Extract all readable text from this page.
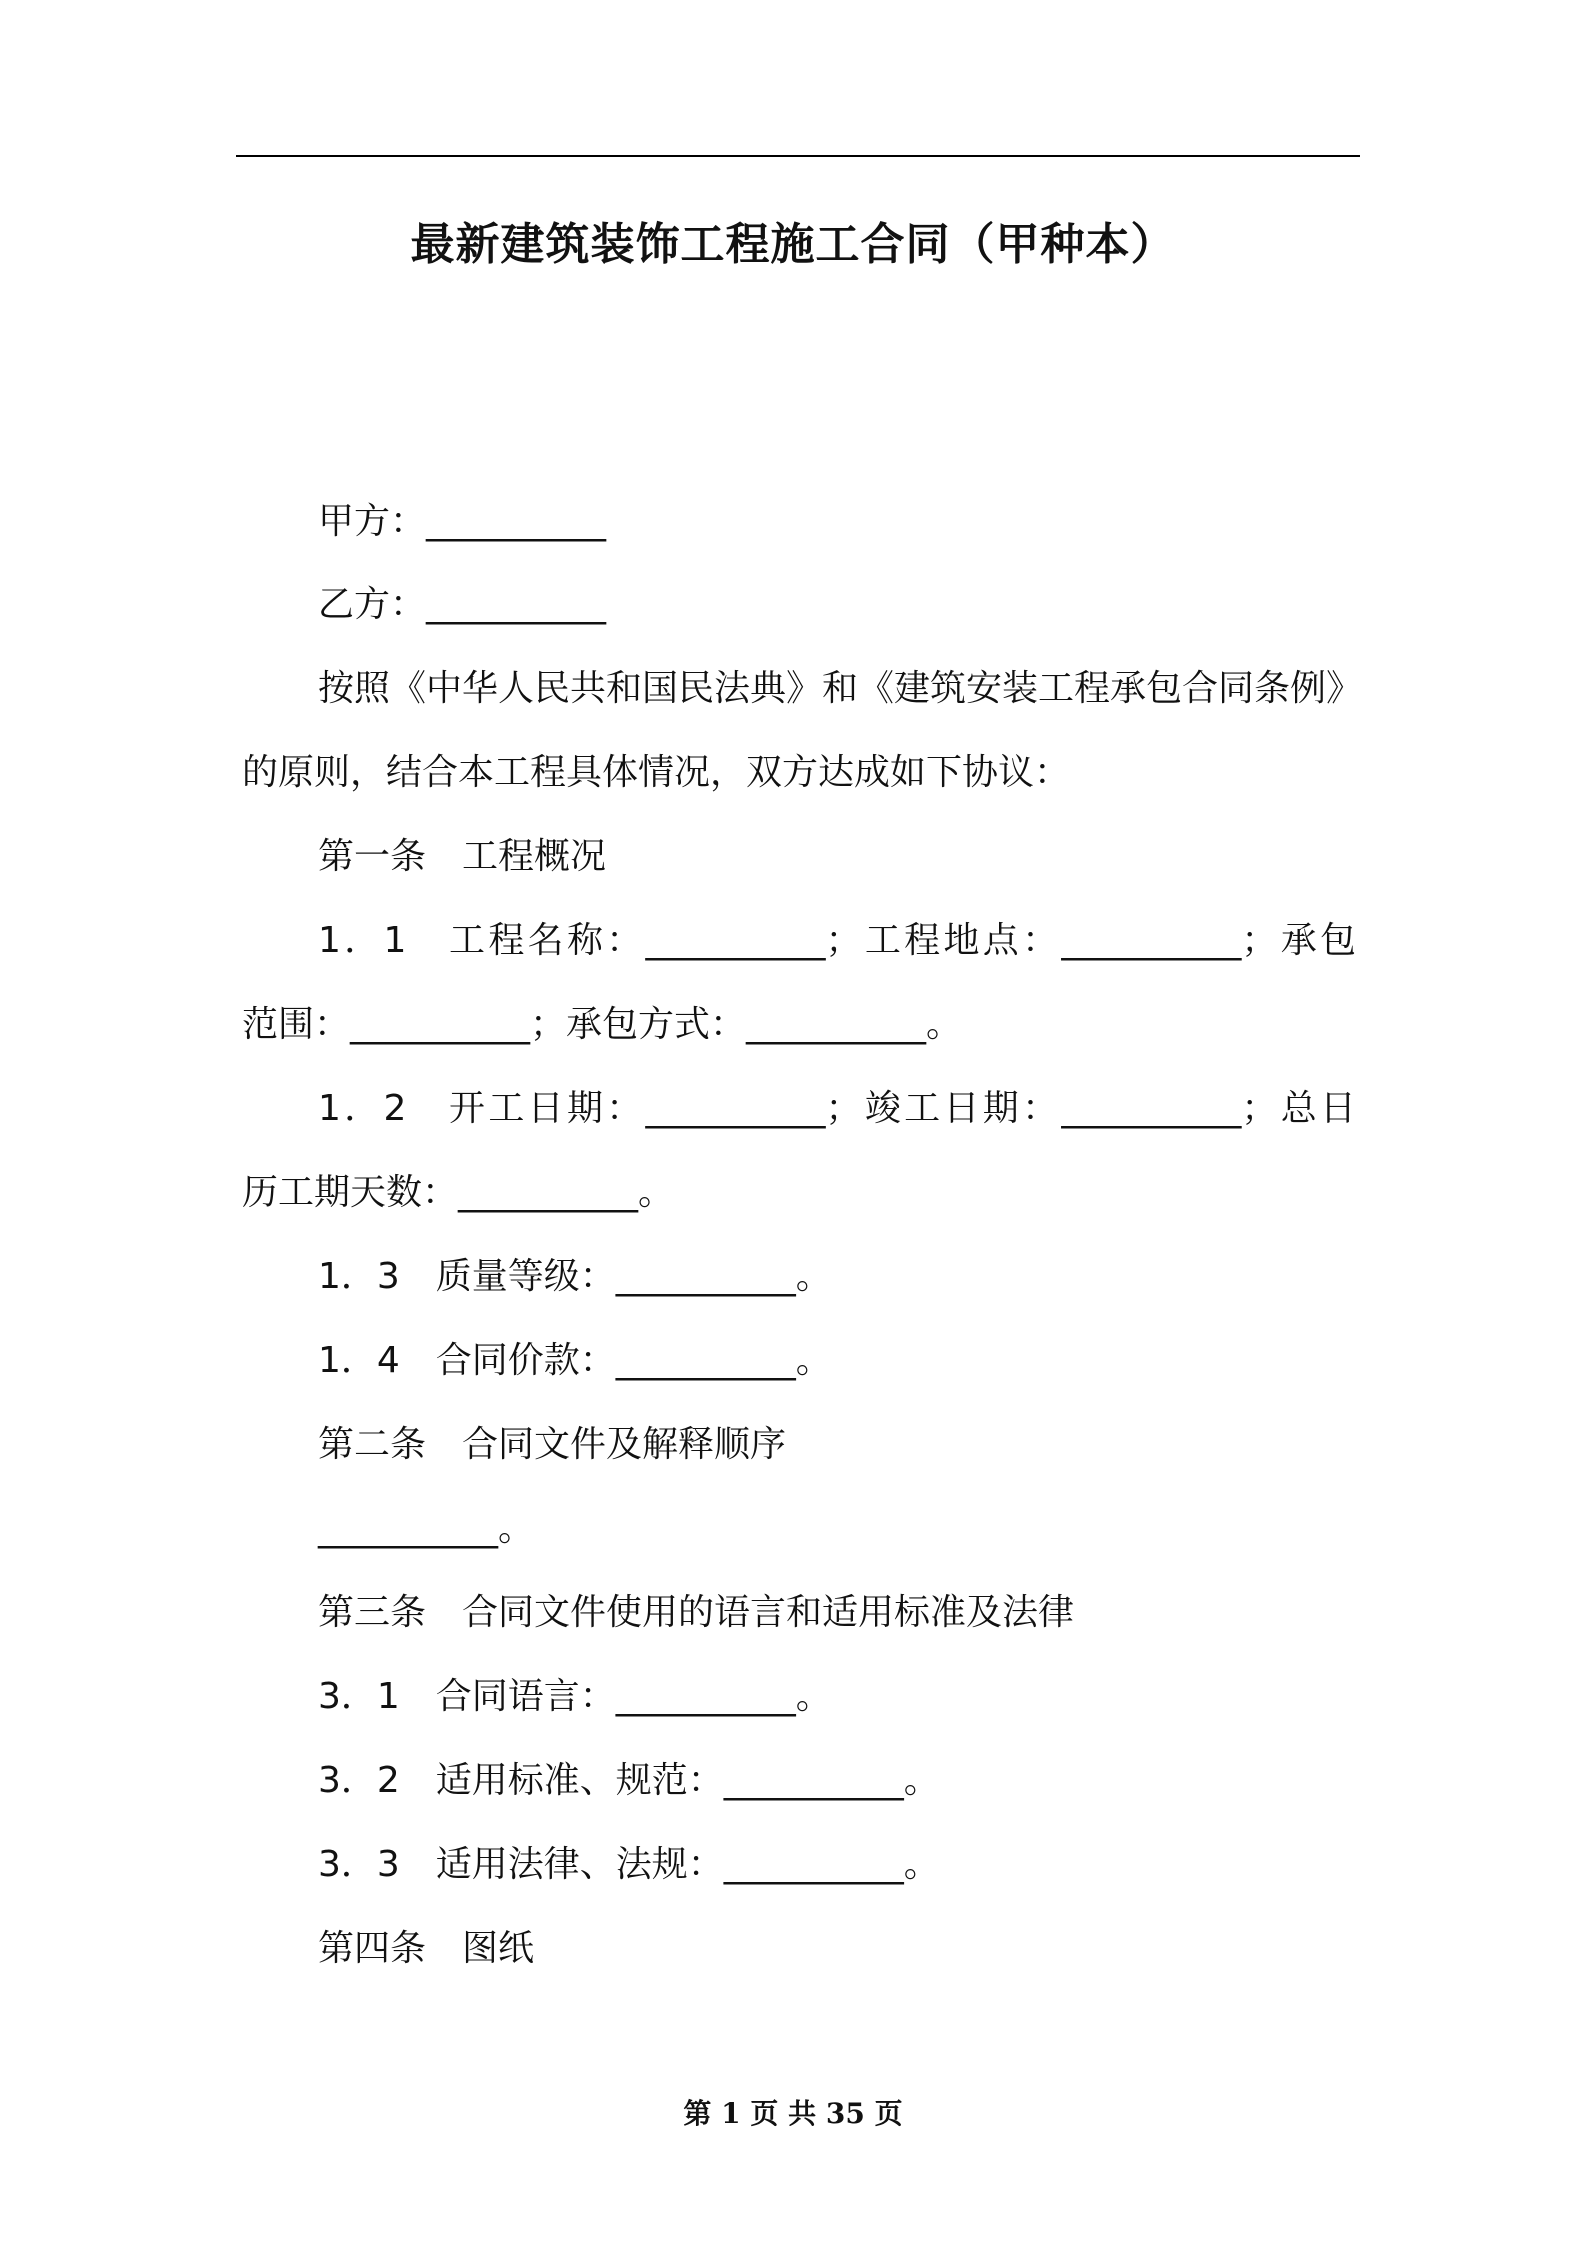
最新建筑装饰工程施工合同（甲种本）
甲方：__________
乙方：__________
按照《中华人民共和国民法典》和《建筑安装工程承包合同条例》
的原则，结合本工程具体情况，双方达成如下协议：
第一条　工程概况
1．1　工程名称：__________；工程地点：__________；承包
范围：__________；承包方式：__________。
1．2　开工日期：__________；竣工日期：__________；总日
历工期天数：__________。
1．3　质量等级：__________。
1．4　合同价款：__________。
第二条　合同文件及解释顺序
__________。
第三条　合同文件使用的语言和适用标准及法律
3．1　合同语言：__________。
3．2　适用标准、规范：__________。
3．3　适用法律、法规：__________。
第四条　图纸
第 1 页 共 35 页
